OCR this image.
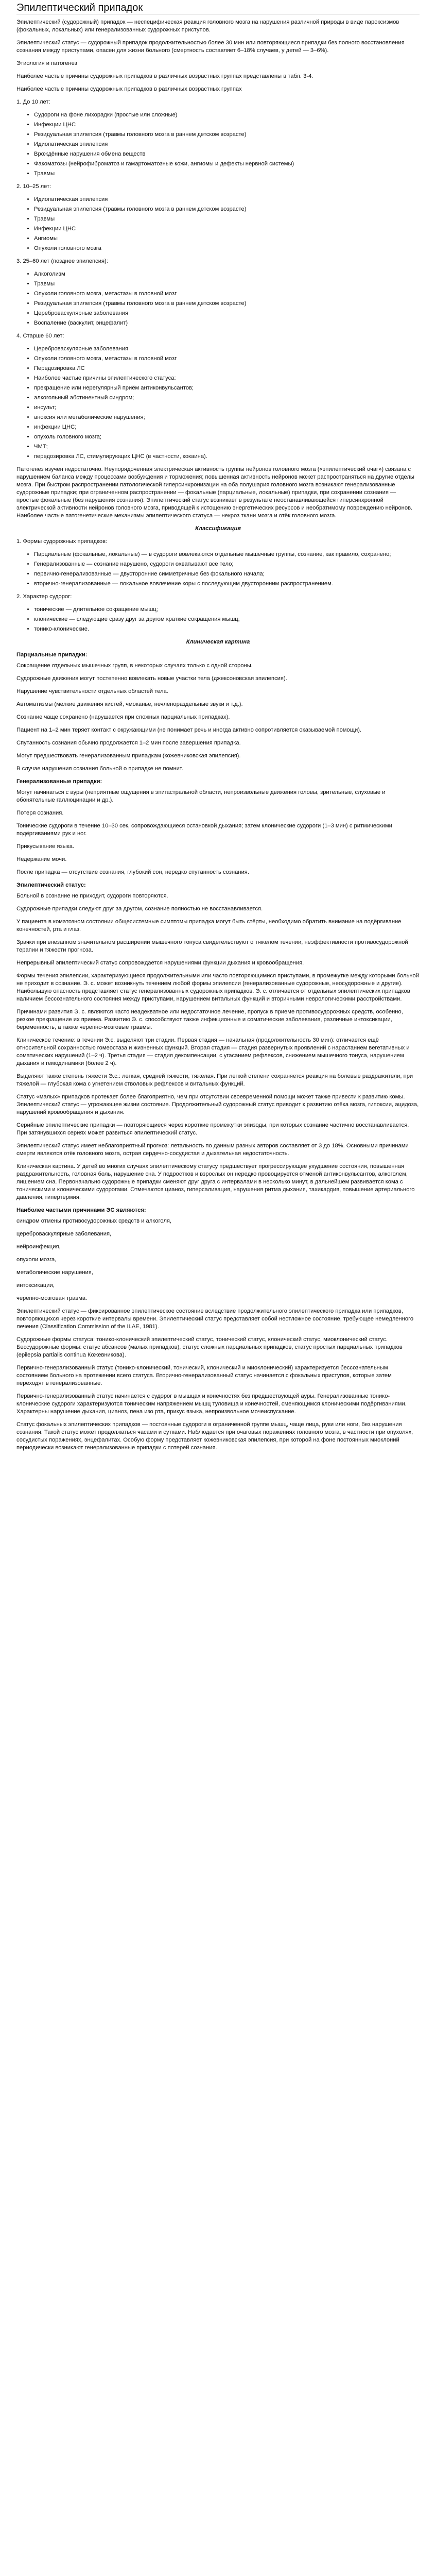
Эпилептический припадок

Эпилептический (судорожный) припадок — неспецифическая реакция головного мозга на нарушения различной природы в виде пароксизмов (фокальных, локальных) или генерализованных судорожных приступов.

Эпилептический статус — судорожный припадок продолжительностью более 30 мин или повторяющиеся припадки без полного восстановления сознания между приступами, опасен для жизни больного (смертность составляет 6–18% случаев, у детей — 3–6%).

Этиология и патогенез

Наиболее частые причины судорожных припадков в различных возрастных группах представлены в табл. 3-4.

Наиболее частые причины судорожных припадков в различных возрастных группах

1. До 10 лет:

• Судороги на фоне лихорадки (простые или сложные)
• Инфекции ЦНС
• Резидуальная эпилепсия (травмы головного мозга в раннем детском возрасте)
• Идиопатическая эпилепсия
• Врождённые нарушения обмена веществ
• Факоматозы (нейрофиброматоз и гамартоматозные кожи, ангиомы и дефекты нервной системы)
• Травмы

2. 10–25 лет:

• Идиопатическая эпилепсия
• Резидуальная эпилепсия (травмы головного мозга в раннем детском возрасте)
• Травмы
• Инфекции ЦНС
• Ангиомы
• Опухоли головного мозга

3. 25–60 лет (позднее эпилепсия):

• Алкоголизм
• Травмы
• Опухоли головного мозга, метастазы в головной мозг
• Резидуальная эпилепсия (травмы головного мозга в раннем детском возрасте)
• Цереброваскулярные заболевания
• Воспаление (васкулит, энцефалит)

4. Старше 60 лет:

• Цереброваскулярные заболевания
• Опухоли головного мозга, метастазы в головной мозг
• Передозировка ЛС
• Наиболее частые причины эпилептического статуса:
• прекращение или нерегулярный приём антиконвульсантов;
• алкогольный абстинентный синдром;
• инсульт;
• аноксия или метаболические нарушения;
• инфекции ЦНС;
• опухоль головного мозга;
• ЧМТ;
• передозировка ЛС, стимулирующих ЦНС (в частности, кокаина).

Патогенез изучен недостаточно. Неупорядоченная электрическая активность группы нейронов головного мозга («эпилептический очаг») связана с нарушением баланса между процессами возбуждения и торможения; повышенная активность нейронов может распространяться на другие отделы мозга. При быстром распространении патологической гиперсинхронизации на оба полушария головного мозга возникают генерализованные судорожные припадки; при ограниченном распространении — фокальные (парциальные, локальные) припадки, при сохранении сознания — простые фокальные (без нарушения сознания). Эпилептический статус возникает в результате неостанавливающейся гиперсинхронной электрической активности нейронов головного мозга, приводящей к истощению энергетических ресурсов и необратимому повреждению нейронов. Наиболее частые патогенетические механизмы эпилептического статуса — некроз ткани мозга и отёк головного мозга.

Классификация

1. Формы судорожных припадков:

• Парциальные (фокальные, локальные) — в судороги вовлекаются отдельные мышечные группы, сознание, как правило, сохранено;
• Генерализованные — сознание нарушено, судороги охватывают всё тело;
• первично-генерализованные — двусторонние симметричные без фокального начала;
• вторично-генерализованные — локальное вовлечение коры с последующим двусторонним распространением.

2. Характер судорог:

• тонические — длительное сокращение мышц;
• клонические — следующие сразу друг за другом краткие сокращения мышц;
• тонико-клонические.

Клиническая картина

Парциальные припадки:

Сокращение отдельных мышечных групп, в некоторых случаях только с одной стороны.

Судорожные движения могут постепенно вовлекать новые участки тела (джексоновская эпилепсия).

Нарушение чувствительности отдельных областей тела.

Автоматизмы (мелкие движения кистей, чмоканье, нечленораздельные звуки и т.д.).

Сознание чаще сохранено (нарушается при сложных парциальных припадках).

Пациент на 1–2 мин теряет контакт с окружающими (не понимает речь и иногда активно сопротивляется оказываемой помощи).

Спутанность сознания обычно продолжается 1–2 мин после завершения припадка.

Могут предшествовать генерализованным припадкам (кожевниковская эпилепсия).

В случае нарушения сознания больной о припадке не помнит.

Генерализованные припадки:

Могут начинаться с ауры (неприятные ощущения в эпигастральной области, непроизвольные движения головы, зрительные, слуховые и обонятельные галлюцинации и др.).

Потеря сознания.

Тонические судороги в течение 10–30 сек, сопровождающиеся остановкой дыхания; затем клонические судороги (1–3 мин) с ритмическими подёргиваниями рук и ног.

Прикусывание языка.

Недержание мочи.

После припадка — отсутствие сознания, глубокий сон, нередко спутанность сознания.

Эпилептический статус:

Больной в сознание не приходит, судороги повторяются.

Судорожные припадки следуют друг за другом, сознание полностью не восстанавливается.

У пациента в коматозном состоянии общесистемные симптомы припадка могут быть стёрты, необходимо обратить внимание на подёргивание конечностей, рта и глаз.

Зрачки при внезапном значительном расширении мышечного тонуса свидетельствуют о тяжелом течении, неэффективности противосудорожной терапии и тяжести прогноза.

Непрерывный эпилептический статус сопровождается нарушениями функции дыхания и кровообращения.

Формы течения эпилепсии, характеризующиеся продолжительными или часто повторяющимися приступами, в промежутке между которыми больной не приходит в сознание. Э. с. может возникнуть течением любой формы эпилепсии (генерализованные судорожные, неосудорожные и другие). Наибольшую опасность представляет статус генерализованных судорожных припадков. Э. с. отличается от отдельных эпилептических припадков наличием бессознательного состояния между приступами, нарушением витальных функций и вторичными неврологическими расстройствами.

Причинами развития Э. с. являются часто неадекватное или недостаточное лечение, пропуск в приеме противосудорожных средств, особенно, резкое прекращение их приема. Развитию Э. с. способствуют также инфекционные и соматические заболевания, различные интоксикации, беременность, а также черепно-мозговые травмы.

Клиническое течение: в течении Э.с. выделяют три стадии. Первая стадия — начальная (продолжительность 30 мин): отличается ещё относительной сохранностью гомеостаза и жизненных функций. Вторая стадия — стадия развернутых проявлений с нарастанием вегетативных и соматических нарушений (1–2 ч). Третья стадия — стадия декомпенсации, с угасанием рефлексов, снижением мышечного тонуса, нарушением дыхания и гемодинамики (более 2 ч).

Выделяют также степень тяжести Э.с.: легкая, средней тяжести, тяжелая. При легкой степени сохраняется реакция на болевые раздражители, при тяжелой — глубокая кома с угнетением стволовых рефлексов и витальных функций.

Статус «малых» припадков протекает более благоприятно, чем при отсутствии своевременной помощи может также привести к развитию комы. Эпилептический статус — угрожающее жизни состояние. Продолжительный судорожный статус приводит к развитию отёка мозга, гипоксии, ацидоза, нарушений кровообращения и дыхания.

Серийные эпилептические припадки — повторяющиеся через короткие промежутки эпизоды, при которых сознание частично восстанавливается. При затянувшихся сериях может развиться эпилептический статус.

Эпилептический статус имеет неблагоприятный прогноз: летальность по данным разных авторов составляет от 3 до 18%. Основными причинами смерти являются отёк головного мозга, острая сердечно-сосудистая и дыхательная недостаточность.

Клиническая картина. У детей во многих случаях эпилептическому статусу предшествует прогрессирующее ухудшение состояния, повышенная раздражительность, головная боль, нарушение сна. У подростков и взрослых он нередко провоцируется отменой антиконвульсантов, алкоголем, лишением сна. Первоначально судорожные припадки сменяют друг друга с интервалами в несколько минут, в дальнейшем развивается кома с тоническими и клоническими судорогами. Отмечаются цианоз, гиперсаливация, нарушения ритма дыхания, тахикардия, повышение артериального давления, гипертермия.

Наиболее частыми причинами ЭС являются:

синдром отмены противосудорожных средств и алкоголя,

цереброваскулярные заболевания,

нейроинфекция,

опухоли мозга,

метаболические нарушения,

интоксикации,

черепно-мозговая травма.

Эпилептический статус — фиксированное эпилептическое состояние вследствие продолжительного эпилептического припадка или припадков, повторяющихся через короткие интервалы времени. Эпилептический статус представляет собой неотложное состояние, требующее немедленного лечения (Classification Commission of the ILAE, 1981).

Судорожные формы статуса: тонико-клонический эпилептический статус, тонический статус, клонический статус, миоклонический статус. Бессудорожные формы: статус абсансов (малых припадков), статус сложных парциальных припадков, статус простых парциальных припадков (epilepsia partialis continua Кожевникова).

Первично-генерализованный статус (тонико-клонический, тонический, клонический и миоклонический) характеризуется бессознательным состоянием больного на протяжении всего статуса. Вторично-генерализованный статус начинается с фокальных приступов, которые затем переходят в генерализованные.

Первично-генерализованный статус начинается с судорог в мышцах и конечностях без предшествующей ауры. Генерализованные тонико-клонические судороги характеризуются тоническим напряжением мышц туловища и конечностей, сменяющимся клоническими подёргиваниями. Характерны нарушение дыхания, цианоз, пена изо рта, прикус языка, непроизвольное мочеиспускание.

Статус фокальных эпилептических припадков — постоянные судороги в ограниченной группе мышц, чаще лица, руки или ноги, без нарушения сознания. Такой статус может продолжаться часами и сутками. Наблюдается при очаговых поражениях головного мозга, в частности при опухолях, сосудистых поражениях, энцефалитах. Особую форму представляет кожевниковская эпилепсия, при которой на фоне постоянных миоклоний периодически возникают генерализованные припадки с потерей сознания.
